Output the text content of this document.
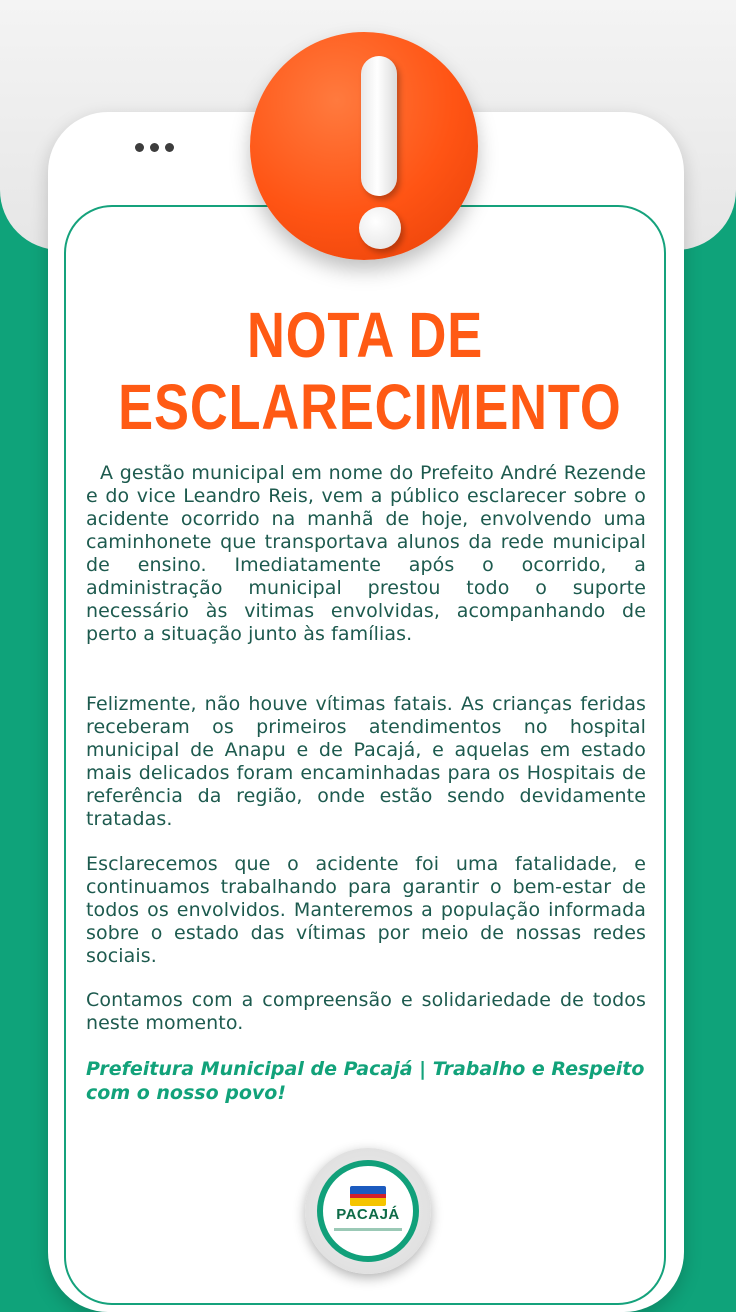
NOTA DE
ESCLARECIMENTO
A gestão municipal em nome do Prefeito André Rezende e do vice Leandro Reis, vem a público esclarecer sobre o acidente ocorrido na manhã de hoje, envolvendo uma caminhonete que transportava alunos da rede municipal de ensino. Imediatamente após o ocorrido, a administração municipal prestou todo o suporte necessário às vitimas envolvidas, acompanhando de perto a situação junto às famílias.
Felizmente, não houve vítimas fatais. As crianças feridas receberam os primeiros atendimentos no hospital municipal de Anapu e de Pacajá, e aquelas em estado mais delicados foram encaminhadas para os Hospitais de referência da região, onde estão sendo devidamente tratadas.
Esclarecemos que o acidente foi uma fatalidade, e continuamos trabalhando para garantir o bem-estar de todos os envolvidos. Manteremos a população informada sobre o estado das vítimas por meio de nossas redes sociais.
Contamos com a compreensão e solidariedade de todos neste momento.
Prefeitura Municipal de Pacajá | Trabalho e Respeito com o nosso povo!
PACAJÁ
